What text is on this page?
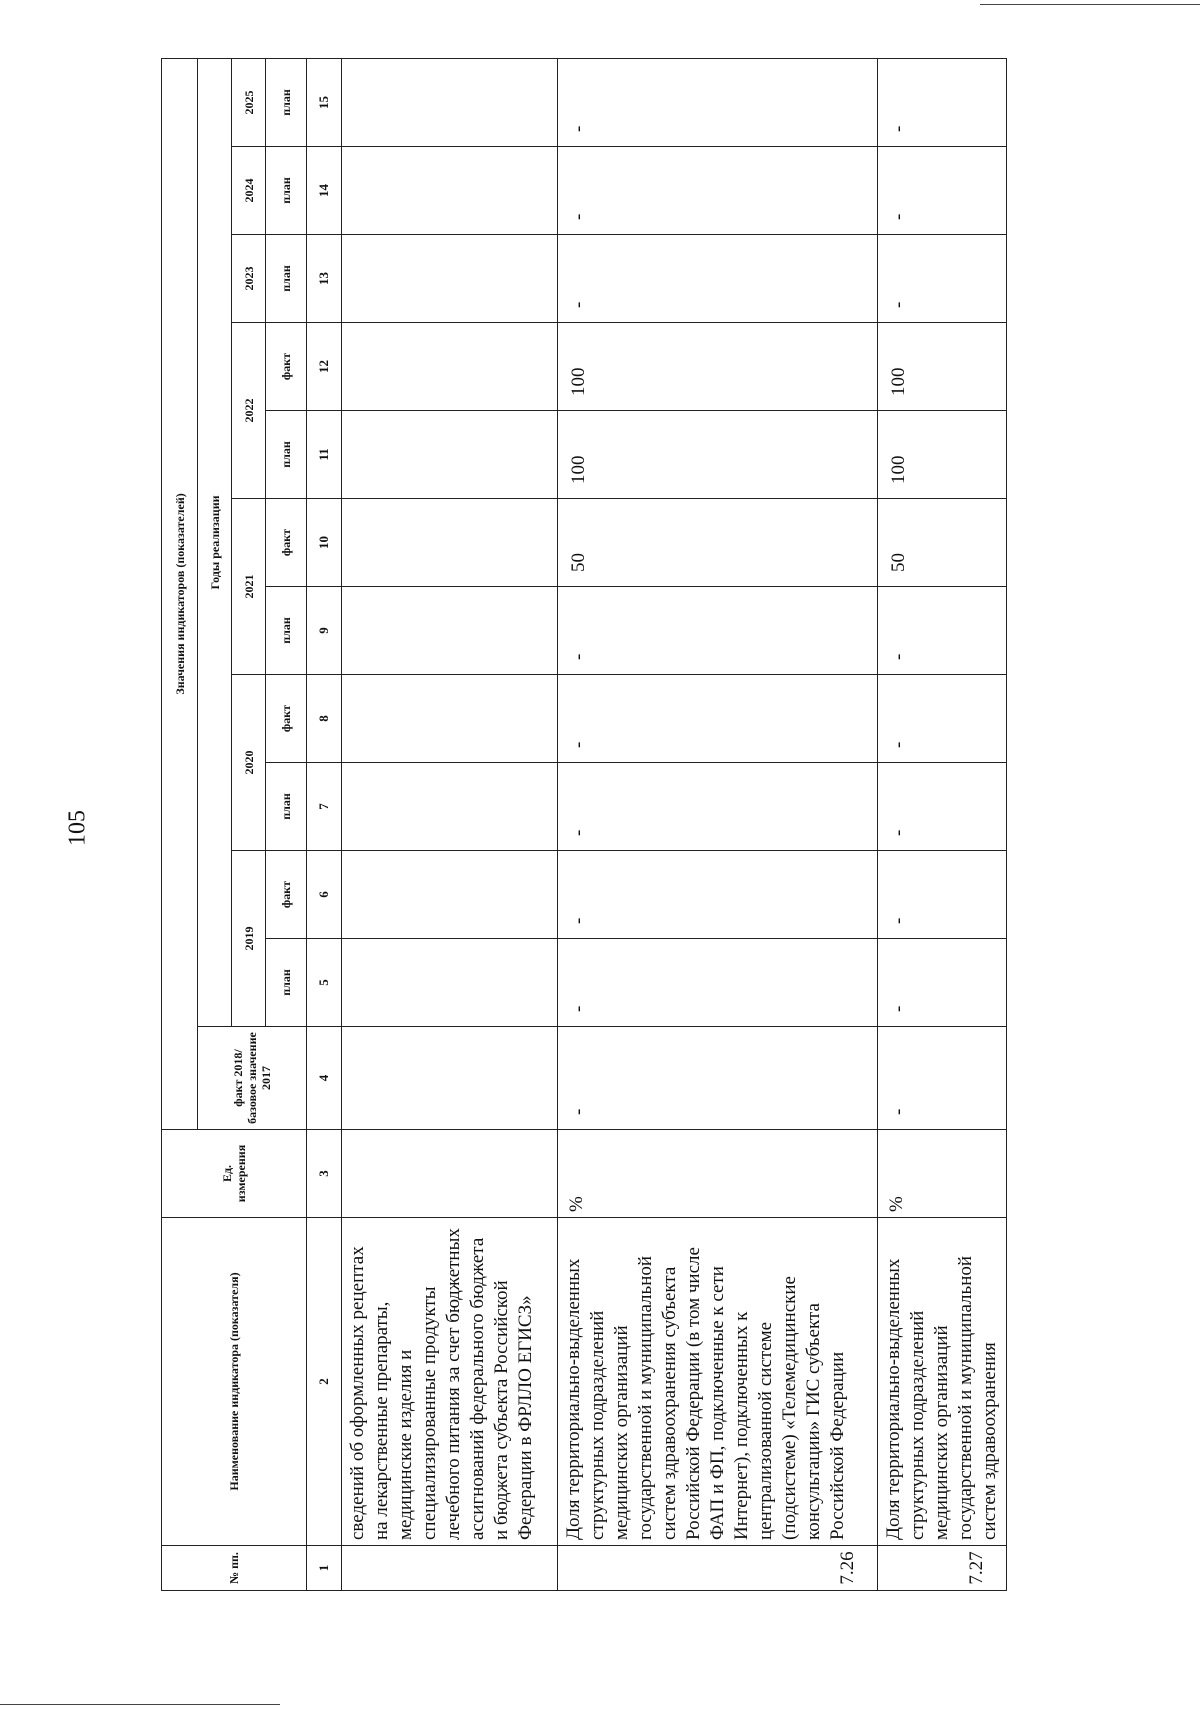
105
№ пп.	Наименование индикатора (показателя)	Ед. измерения	Значения индикаторов (показателей)											
			факт 2018/базовое значение 2017	Годы реализации										
				2019		2020		2021		2022		2023	2024	2025
				план	факт	план	факт	план	факт	план	факт	план	план	план
1	2	3	4	5	6	7	8	9	10	11	12	13	14	15
	сведений об оформленных рецептах на лекарственные препараты, медицинские изделия и специализированные продукты лечебного питания за счет бюджетных ассигнований федерального бюджета и бюджета субъекта Российской Федерации в ФРЛЛО ЕГИСЗ»													
7.26	Доля территориально-выделенных структурных подразделений медицинских организаций государственной и муниципальной систем здравоохранения субъекта Российской Федерации (в том числе ФАП и ФП, подключенные к сети Интернет), подключенных к централизованной системе (подсистеме) «Телемедицинские консультации» ГИС субъекта Российской Федерации	%	-	-	-	-	-	-	50	100	100	-	-	-
7.27	Доля территориально-выделенных структурных подразделений медицинских организаций государственной и муниципальной систем здравоохранения	%	-	-	-	-	-	-	50	100	100	-	-	-
